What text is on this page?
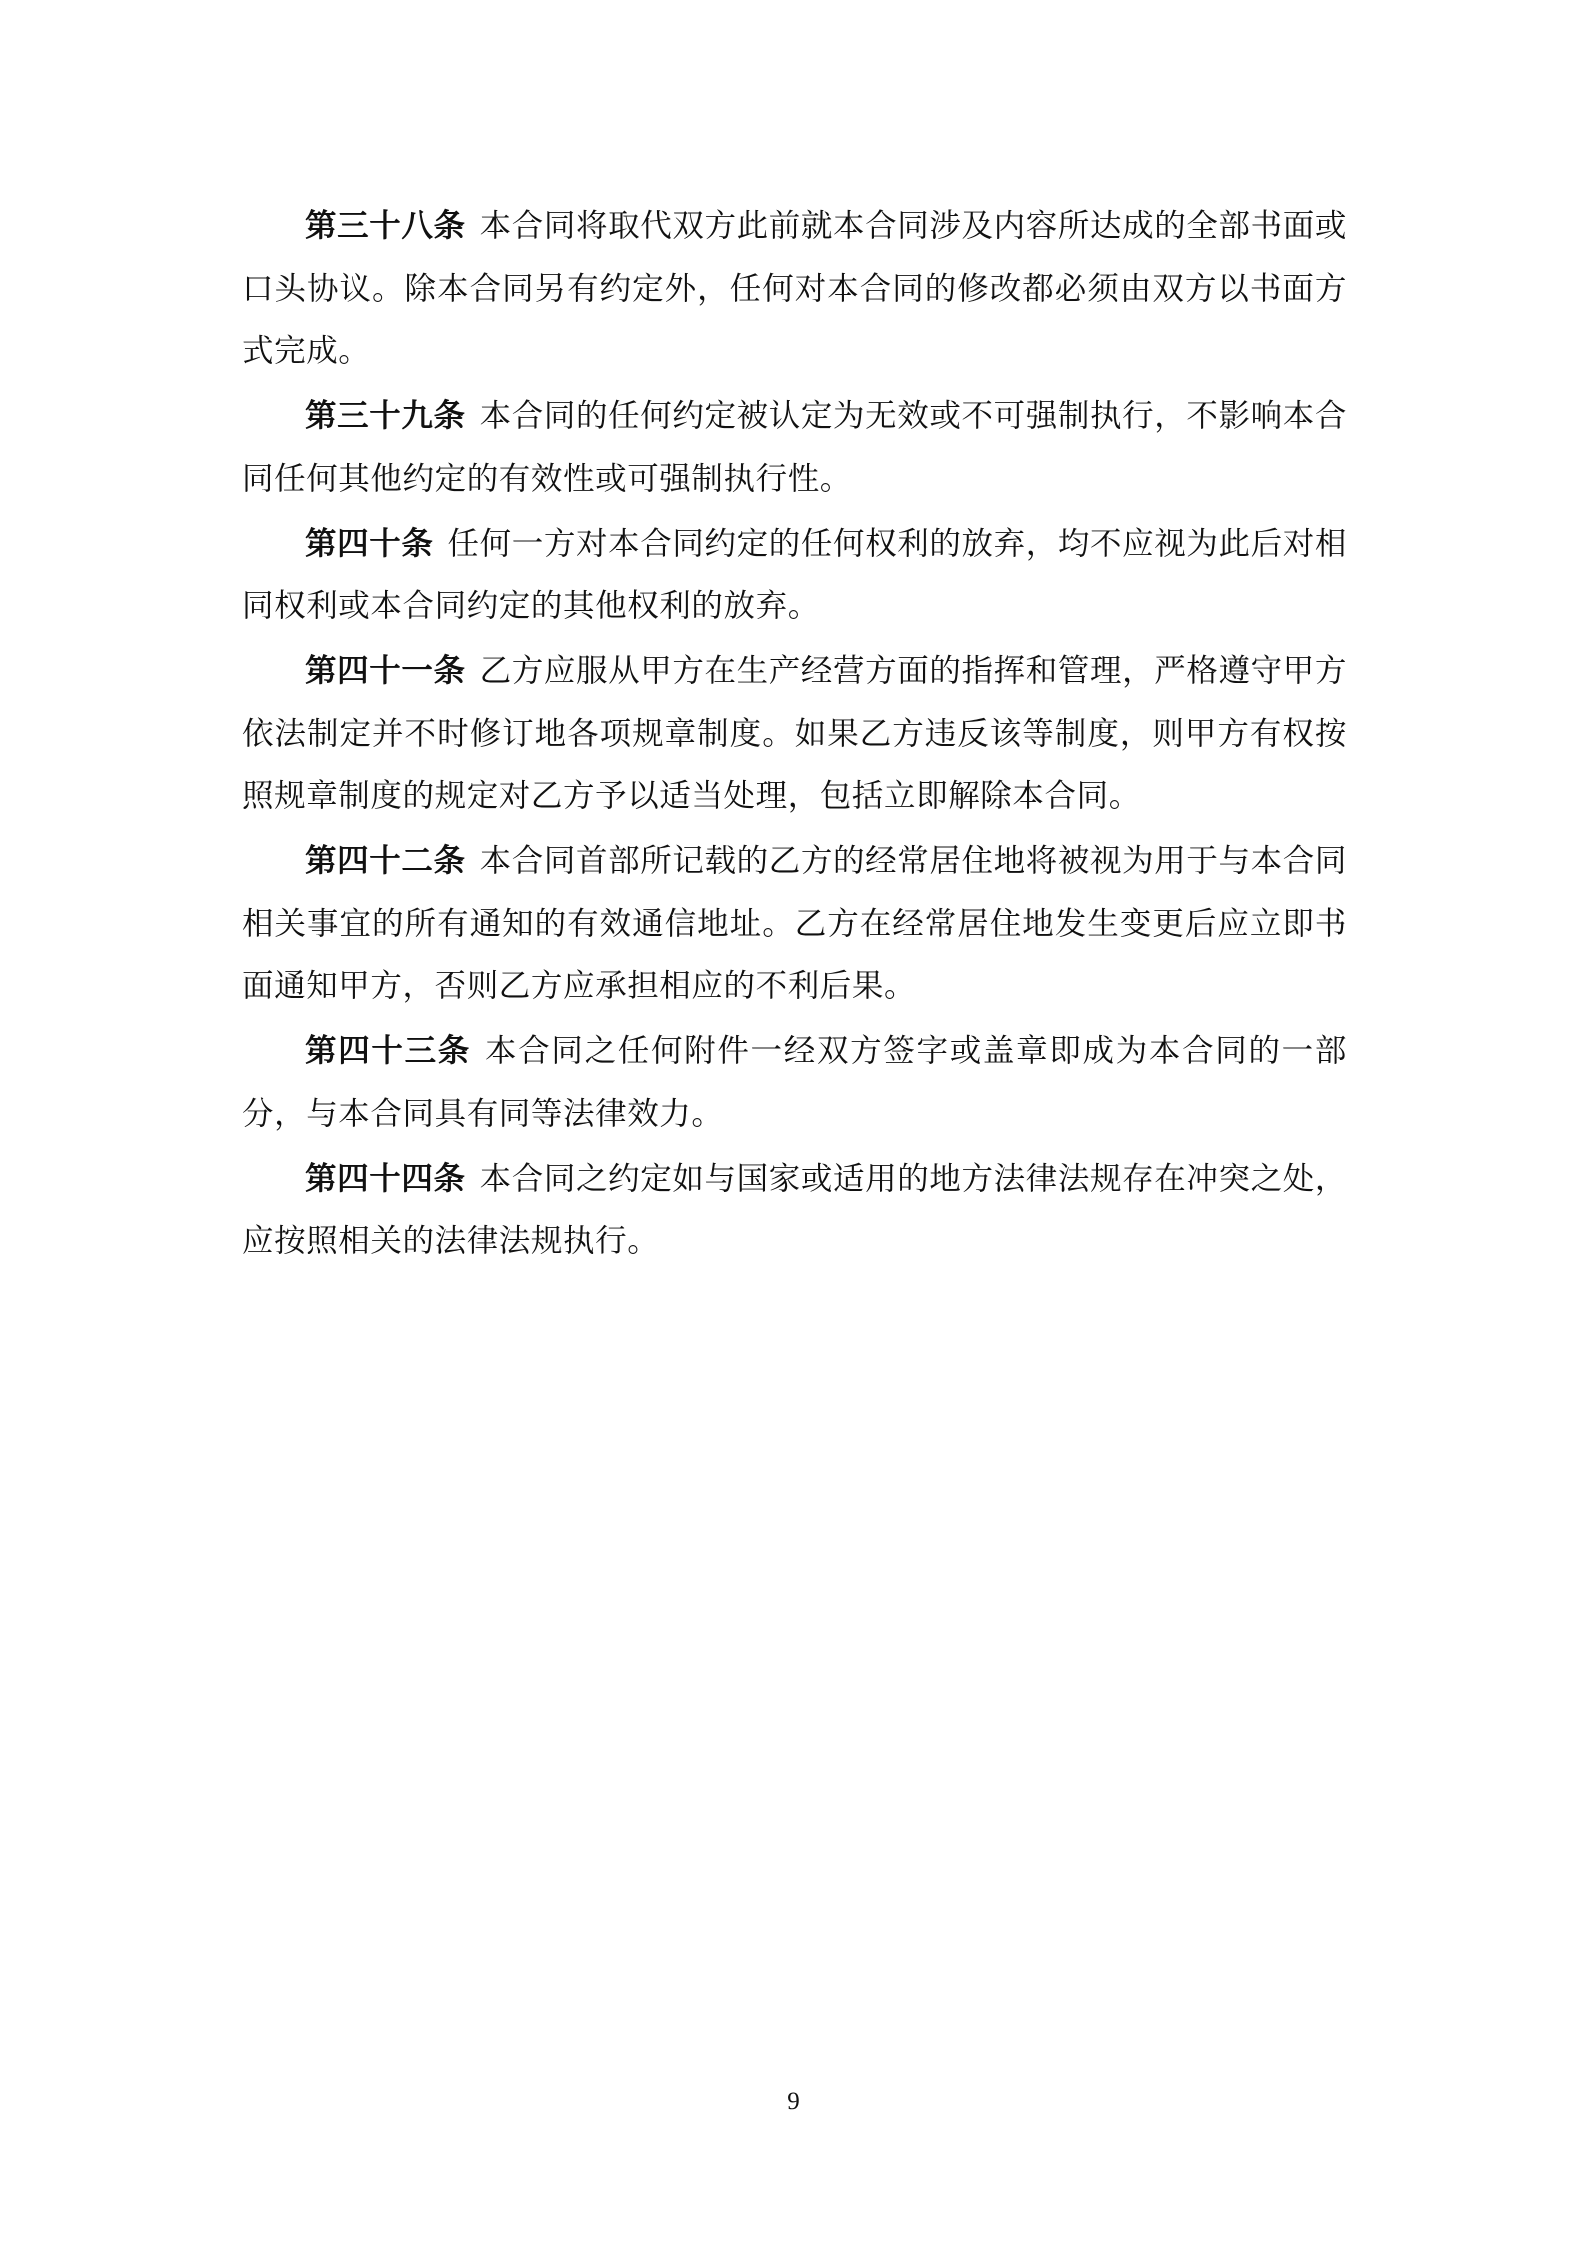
第三十八条 本合同将取代双方此前就本合同涉及内容所达成的全部书面或口头协议。除本合同另有约定外，任何对本合同的修改都必须由双方以书面方式完成。

第三十九条 本合同的任何约定被认定为无效或不可强制执行，不影响本合同任何其他约定的有效性或可强制执行性。

第四十条 任何一方对本合同约定的任何权利的放弃，均不应视为此后对相同权利或本合同约定的其他权利的放弃。

第四十一条 乙方应服从甲方在生产经营方面的指挥和管理，严格遵守甲方依法制定并不时修订地各项规章制度。如果乙方违反该等制度，则甲方有权按照规章制度的规定对乙方予以适当处理，包括立即解除本合同。

第四十二条 本合同首部所记载的乙方的经常居住地将被视为用于与本合同相关事宜的所有通知的有效通信地址。乙方在经常居住地发生变更后应立即书面通知甲方，否则乙方应承担相应的不利后果。

第四十三条 本合同之任何附件一经双方签字或盖章即成为本合同的一部分，与本合同具有同等法律效力。

第四十四条 本合同之约定如与国家或适用的地方法律法规存在冲突之处，应按照相关的法律法规执行。

9
